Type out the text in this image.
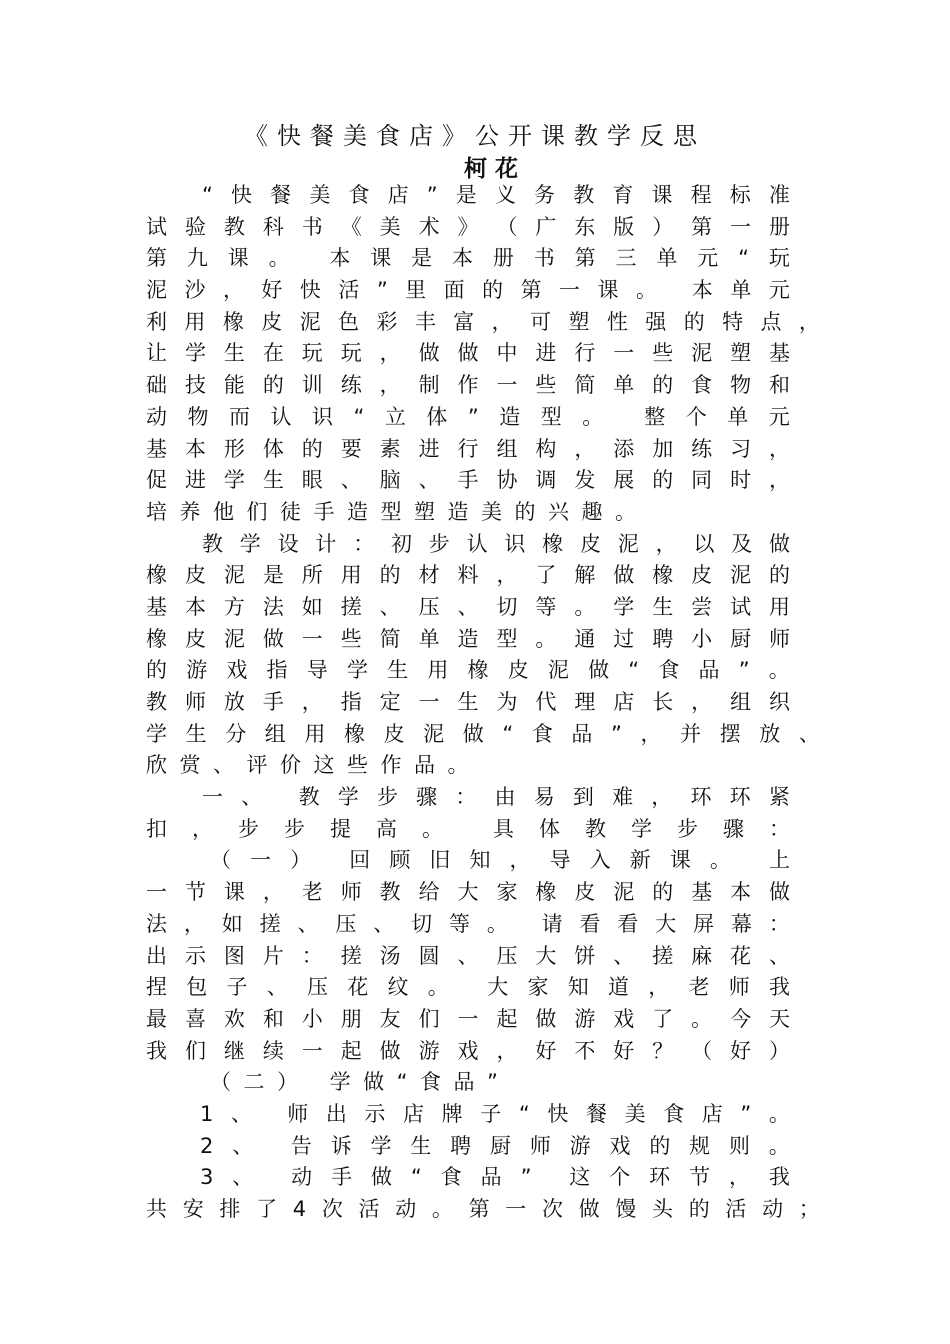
《快餐美食店》公开课教学反思
柯花
“ 快 餐 美 食 店 ” 是 义 务 教 育 课 程 标 准
试 验 教 科 书 《 美 术 》 （ 广 东 版 ） 第 一 册
第 九 课 。 本 课 是 本 册 书 第 三 单 元 “ 玩
泥 沙 ， 好 快 活 ” 里 面 的 第 一 课 。 本 单 元
利 用 橡 皮 泥 色 彩 丰 富 ， 可 塑 性 强 的 特 点 ，
让 学 生 在 玩 玩 ， 做 做 中 进 行 一 些 泥 塑 基
础 技 能 的 训 练 ， 制 作 一 些 简 单 的 食 物 和
动 物 而 认 识 “ 立 体 ” 造 型 。 整 个 单 元
基 本 形 体 的 要 素 进 行 组 构 ， 添 加 练 习 ，
促 进 学 生 眼 、 脑 、 手 协 调 发 展 的 同 时 ，
培养他们徒手造型塑造美的兴趣。
教 学 设 计 ： 初 步 认 识 橡 皮 泥 ， 以 及 做
橡 皮 泥 是 所 用 的 材 料 ， 了 解 做 橡 皮 泥 的
基 本 方 法 如 搓 、 压 、 切 等 。 学 生 尝 试 用
橡 皮 泥 做 一 些 简 单 造 型 。 通 过 聘 小 厨 师
的 游 戏 指 导 学 生 用 橡 皮 泥 做 “ 食 品 ” 。
教 师 放 手 ， 指 定 一 生 为 代 理 店 长 ， 组 织
学 生 分 组 用 橡 皮 泥 做 “ 食 品 ” ， 并 摆 放 、
欣赏、评价这些作品。
一 、 教 学 步 骤 ： 由 易 到 难 ， 环 环 紧
扣 ， 步 步 提 高 。 具 体 教 学 步 骤 ：
（ 一 ） 回 顾 旧 知 ， 导 入 新 课 。 上
一 节 课 ， 老 师 教 给 大 家 橡 皮 泥 的 基 本 做
法 ， 如 搓 、 压 、 切 等 。 请 看 看 大 屏 幕 ：
出 示 图 片 ： 搓 汤 圆 、 压 大 饼 、 搓 麻 花 、
捏 包 子 、 压 花 纹 。 大 家 知 道 ， 老 师 我
最 喜 欢 和 小 朋 友 们 一 起 做 游 戏 了 。 今 天
我 们 继 续 一 起 做 游 戏 ， 好 不 好 ？ （ 好 ）
（二） 学做“食品”
1 、 师 出 示 店 牌 子 “ 快 餐 美 食 店 ” 。
2 、 告 诉 学 生 聘 厨 师 游 戏 的 规 则 。
3 、 动 手 做 “ 食 品 ” 这 个 环 节 ， 我
共 安 排 了 4 次 活 动 。 第 一 次 做 馒 头 的 活 动 ；
